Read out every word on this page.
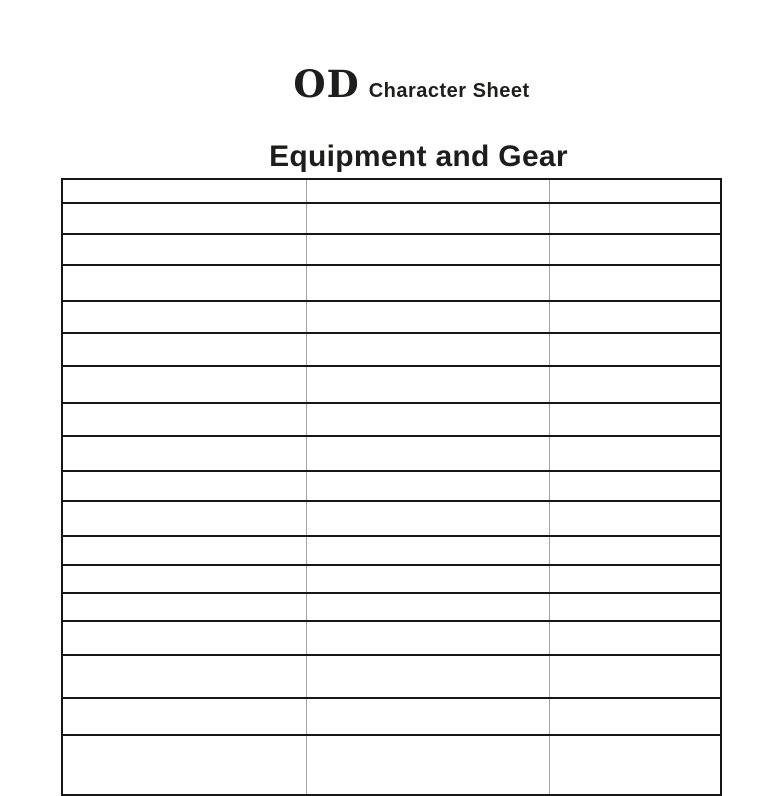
OD Character Sheet
Equipment and Gear
